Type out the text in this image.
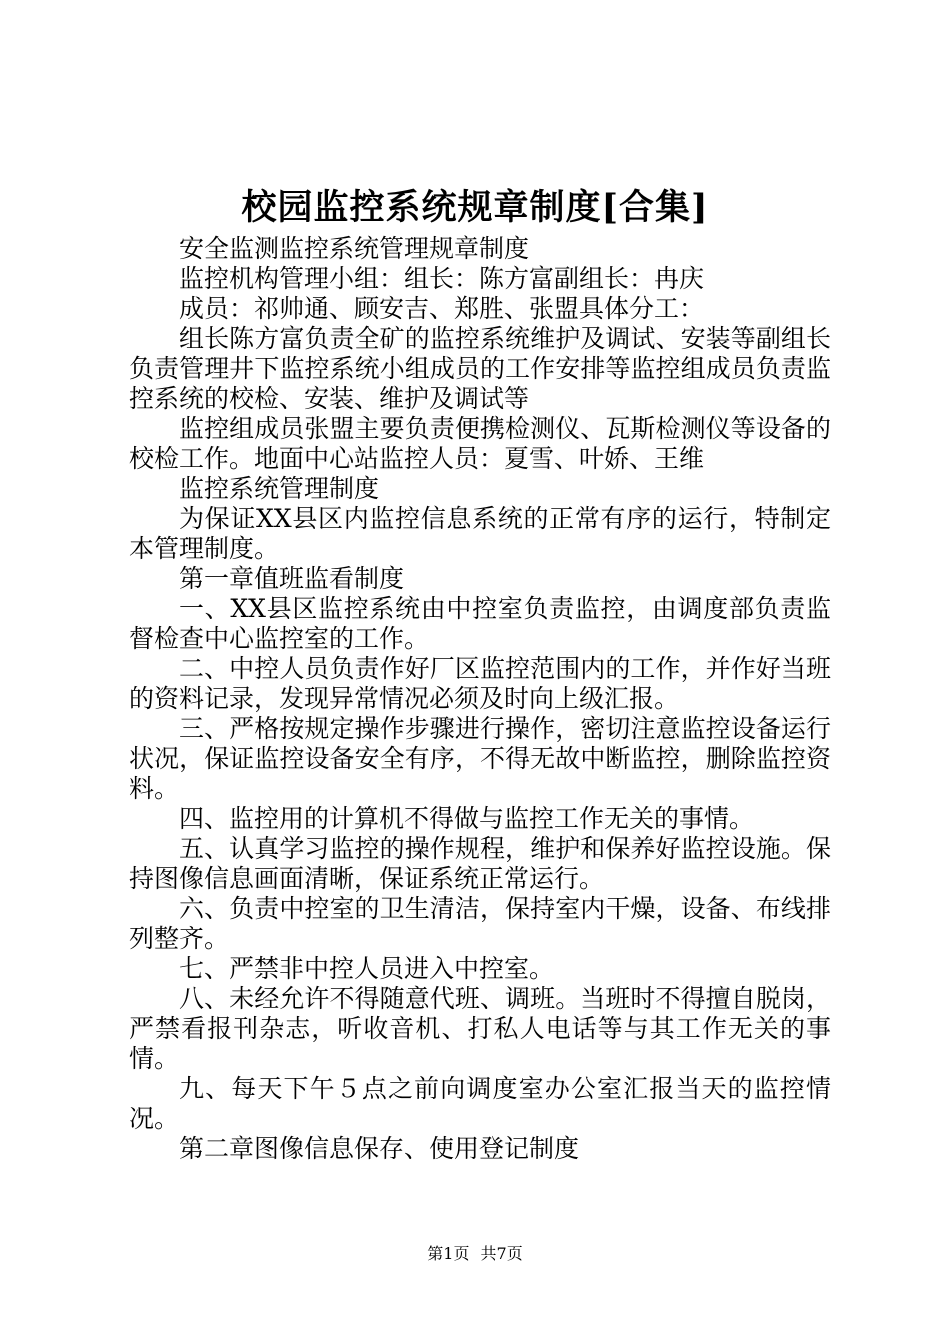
校园监控系统规章制度[合集]

安全监测监控系统管理规章制度

监控机构管理小组：组长：陈方富副组长：冉庆

成员：祁帅通、顾安吉、郑胜、张盟具体分工：

组长陈方富负责全矿的监控系统维护及调试、安装等副组长负责管理井下监控系统小组成员的工作安排等监控组成员负责监控系统的校检、安装、维护及调试等

监控组成员张盟主要负责便携检测仪、瓦斯检测仪等设备的校检工作。地面中心站监控人员：夏雪、叶娇、王维

监控系统管理制度

为保证XX县区内监控信息系统的正常有序的运行，特制定本管理制度。

第一章值班监看制度

一、XX县区监控系统由中控室负责监控，由调度部负责监督检查中心监控室的工作。

二、中控人员负责作好厂区监控范围内的工作，并作好当班的资料记录，发现异常情况必须及时向上级汇报。

三、严格按规定操作步骤进行操作，密切注意监控设备运行状况，保证监控设备安全有序，不得无故中断监控，删除监控资料。

四、监控用的计算机不得做与监控工作无关的事情。

五、认真学习监控的操作规程，维护和保养好监控设施。保持图像信息画面清晰，保证系统正常运行。

六、负责中控室的卫生清洁，保持室内干燥，设备、布线排列整齐。

七、严禁非中控人员进入中控室。

八、未经允许不得随意代班、调班。当班时不得擅自脱岗，严禁看报刊杂志，听收音机、打私人电话等与其工作无关的事情。

九、每天下午５点之前向调度室办公室汇报当天的监控情况。

第二章图像信息保存、使用登记制度

第1页 共7页
